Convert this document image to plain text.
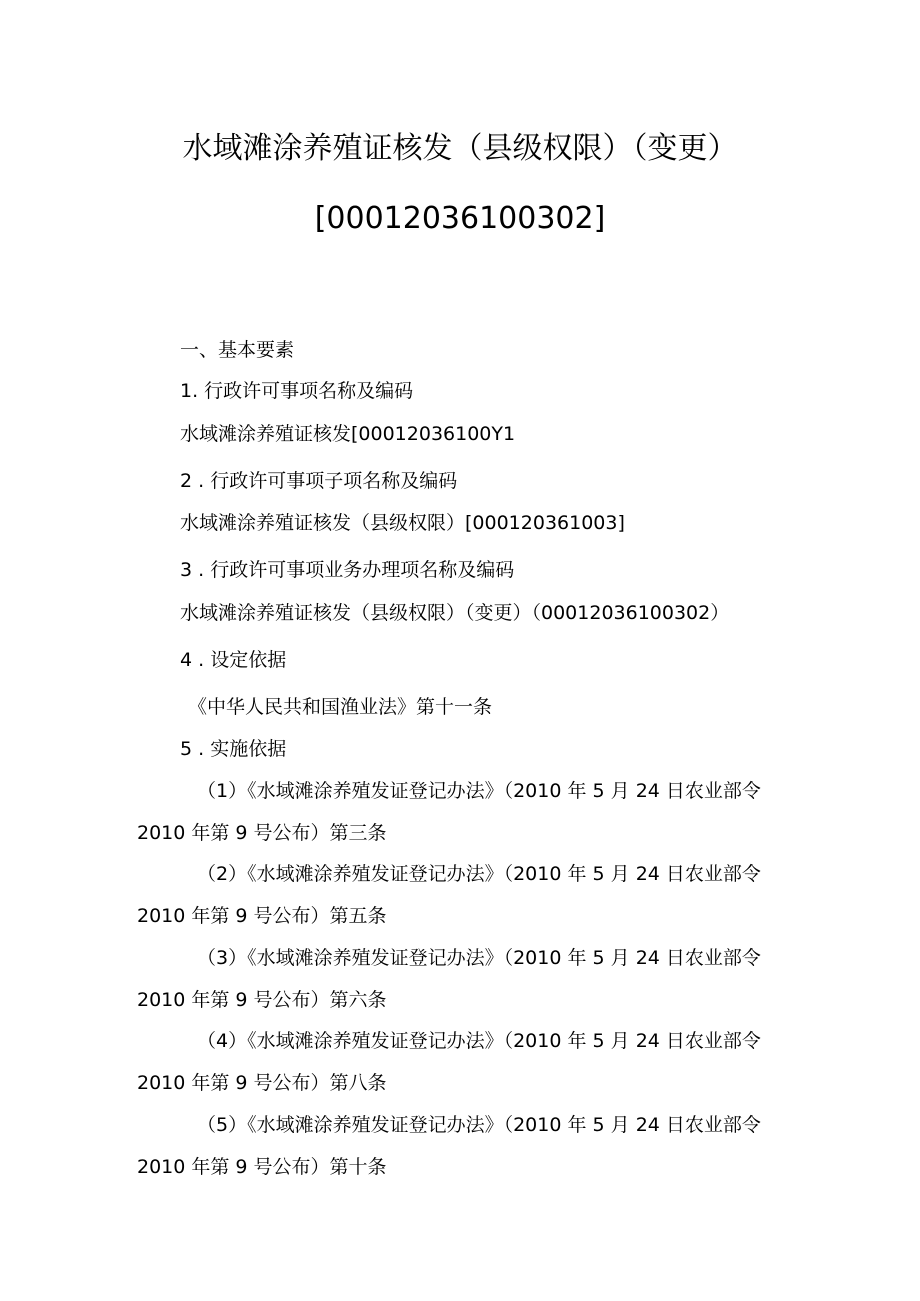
水域滩涂养殖证核发（县级权限）（变更）
[00012036100302]
一、基本要素
1. 行政许可事项名称及编码
水域滩涂养殖证核发[00012036100Y1
2 . 行政许可事项子项名称及编码
水域滩涂养殖证核发（县级权限）[000120361003]
3 . 行政许可事项业务办理项名称及编码
水域滩涂养殖证核发（县级权限）（变更）（00012036100302）
4 . 设定依据
《中华人民共和国渔业法》第十一条
5 . 实施依据
（1）《水域滩涂养殖发证登记办法》（2010 年 5 月 24 日农业部令
2010 年第 9 号公布）第三条
（2）《水域滩涂养殖发证登记办法》（2010 年 5 月 24 日农业部令
2010 年第 9 号公布）第五条
（3）《水域滩涂养殖发证登记办法》（2010 年 5 月 24 日农业部令
2010 年第 9 号公布）第六条
（4）《水域滩涂养殖发证登记办法》（2010 年 5 月 24 日农业部令
2010 年第 9 号公布）第八条
（5）《水域滩涂养殖发证登记办法》（2010 年 5 月 24 日农业部令
2010 年第 9 号公布）第十条
